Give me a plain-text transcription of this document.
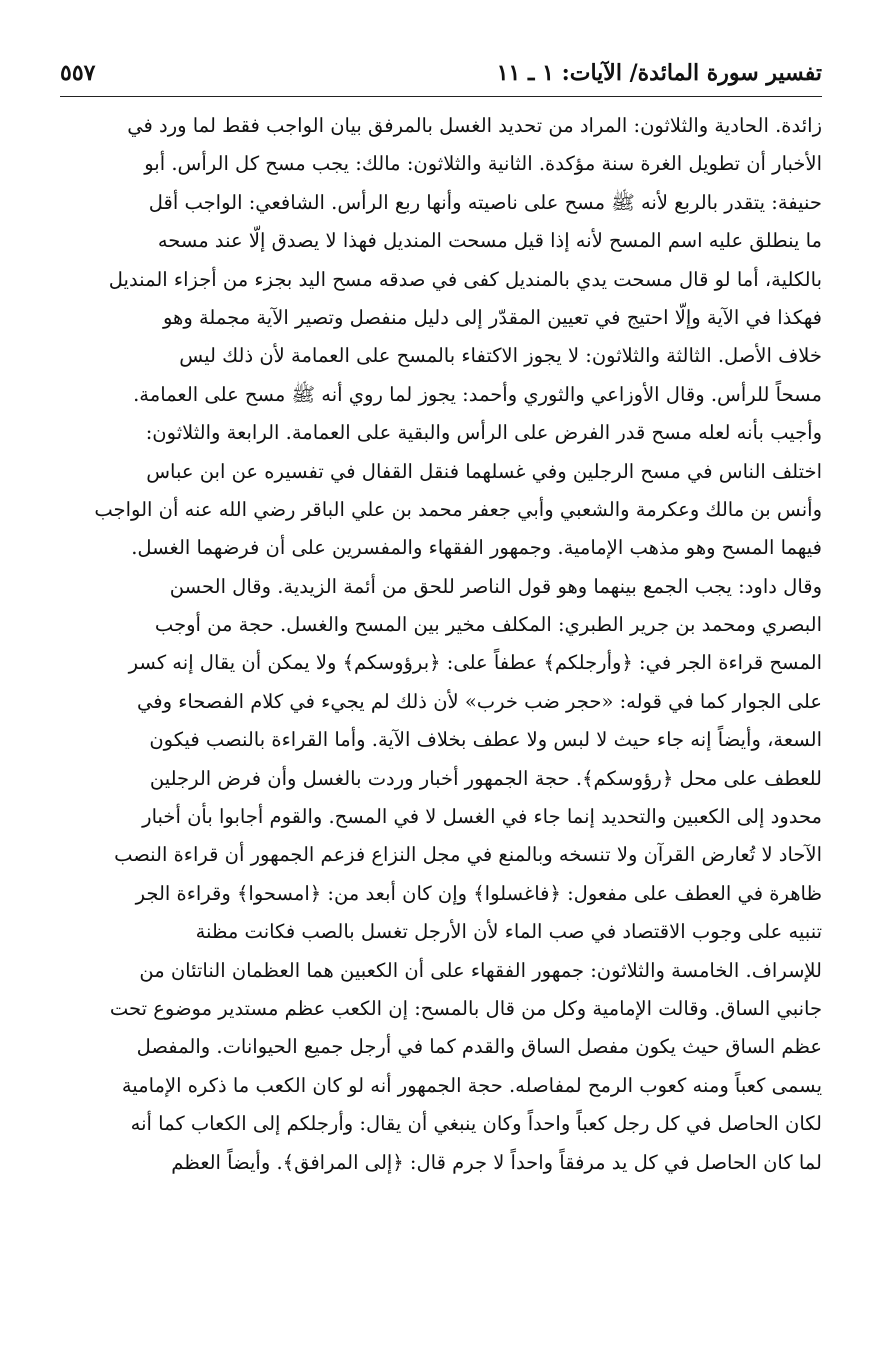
تفسير سورة المائدة/ الآيات: ١ ـ ١١
٥٥٧
زائدة. الحادية والثلاثون: المراد من تحديد الغسل بالمرفق بيان الواجب فقط لما ورد في
الأخبار أن تطويل الغرة سنة مؤكدة. الثانية والثلاثون: مالك: يجب مسح كل الرأس. أبو
حنيفة: يتقدر بالربع لأنه ﷺ مسح على ناصيته وأنها ربع الرأس. الشافعي: الواجب أقل
ما ينطلق عليه اسم المسح لأنه إذا قيل مسحت المنديل فهذا لا يصدق إلّا عند مسحه
بالكلية، أما لو قال مسحت يدي بالمنديل كفى في صدقه مسح اليد بجزء من أجزاء المنديل
فهكذا في الآية وإلّا احتيج في تعيين المقدّر إلى دليل منفصل وتصير الآية مجملة وهو
خلاف الأصل. الثالثة والثلاثون: لا يجوز الاكتفاء بالمسح على العمامة لأن ذلك ليس
مسحاً للرأس. وقال الأوزاعي والثوري وأحمد: يجوز لما روي أنه ﷺ مسح على العمامة.
وأجيب بأنه لعله مسح قدر الفرض على الرأس والبقية على العمامة. الرابعة والثلاثون:
اختلف الناس في مسح الرجلين وفي غسلهما فنقل القفال في تفسيره عن ابن عباس
وأنس بن مالك وعكرمة والشعبي وأبي جعفر محمد بن علي الباقر رضي الله عنه أن الواجب
فيهما المسح وهو مذهب الإمامية. وجمهور الفقهاء والمفسرين على أن فرضهما الغسل.
وقال داود: يجب الجمع بينهما وهو قول الناصر للحق من أئمة الزيدية. وقال الحسن
البصري ومحمد بن جرير الطبري: المكلف مخير بين المسح والغسل. حجة من أوجب
المسح قراءة الجر في: ﴿وأرجلكم﴾ عطفاً على: ﴿برؤوسكم﴾ ولا يمكن أن يقال إنه كسر
على الجوار كما في قوله: «حجر ضب خرب» لأن ذلك لم يجيء في كلام الفصحاء وفي
السعة، وأيضاً إنه جاء حيث لا لبس ولا عطف بخلاف الآية. وأما القراءة بالنصب فيكون
للعطف على محل ﴿رؤوسكم﴾. حجة الجمهور أخبار وردت بالغسل وأن فرض الرجلين
محدود إلى الكعبين والتحديد إنما جاء في الغسل لا في المسح. والقوم أجابوا بأن أخبار
الآحاد لا تُعارض القرآن ولا تنسخه وبالمنع في مجل النزاع فزعم الجمهور أن قراءة النصب
ظاهرة في العطف على مفعول: ﴿فاغسلوا﴾ وإن كان أبعد من: ﴿امسحوا﴾ وقراءة الجر
تنبيه على وجوب الاقتصاد في صب الماء لأن الأرجل تغسل بالصب فكانت مظنة
للإسراف. الخامسة والثلاثون: جمهور الفقهاء على أن الكعبين هما العظمان الناتئان من
جانبي الساق. وقالت الإمامية وكل من قال بالمسح: إن الكعب عظم مستدير موضوع تحت
عظم الساق حيث يكون مفصل الساق والقدم كما في أرجل جميع الحيوانات. والمفصل
يسمى كعباً ومنه كعوب الرمح لمفاصله. حجة الجمهور أنه لو كان الكعب ما ذكره الإمامية
لكان الحاصل في كل رجل كعباً واحداً وكان ينبغي أن يقال: وأرجلكم إلى الكعاب كما أنه
لما كان الحاصل في كل يد مرفقاً واحداً لا جرم قال: ﴿إلى المرافق﴾. وأيضاً العظم
